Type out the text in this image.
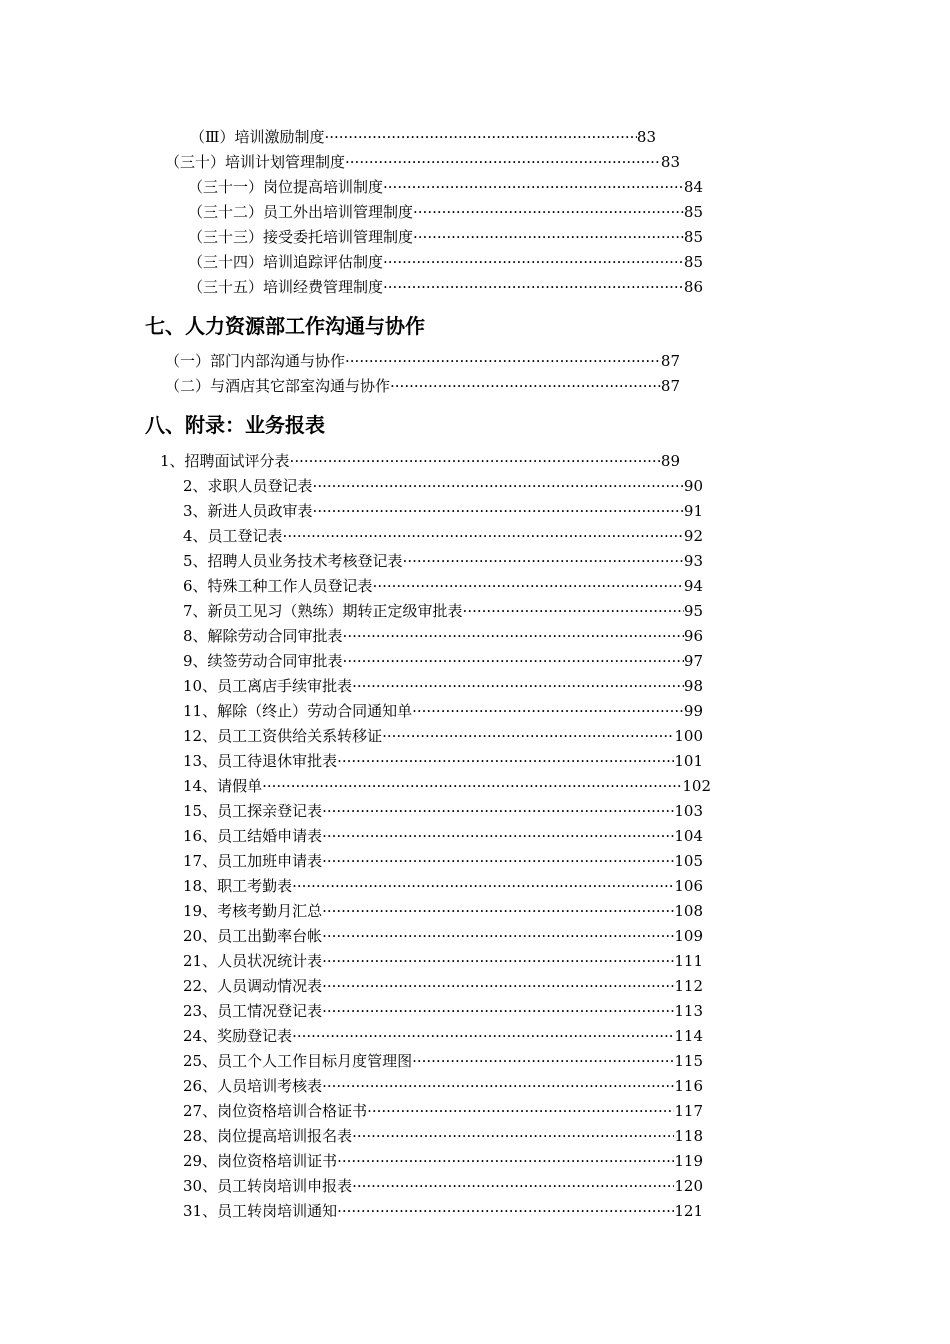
（Ⅲ）培训激励制度 ·····	83
（三十）培训计划管理制度 ·····	83
（三十一）岗位提高培训制度 ·····	84
（三十二）员工外出培训管理制度 ·····	85
（三十三）接受委托培训管理制度 ·····	85
（三十四）培训追踪评估制度 ·····	85
（三十五）培训经费管理制度 ·····	86
七、人力资源部工作沟通与协作
（一）部门内部沟通与协作 ·····	87
（二）与酒店其它部室沟通与协作 ·····	87
八、附录：业务报表
1、招聘面试评分表 ·····	89
2、求职人员登记表 ·····	90
3、新进人员政审表 ·····	91
4、员工登记表 ·····	92
5、招聘人员业务技术考核登记表 ·····	93
6、特殊工种工作人员登记表 ·····	94
7、新员工见习（熟练）期转正定级审批表 ·····	95
8、解除劳动合同审批表 ·····	96
9、续签劳动合同审批表 ·····	97
10、员工离店手续审批表 ·····	98
11、解除（终止）劳动合同通知单 ·····	99
12、员工工资供给关系转移证 ·····	100
13、员工待退休审批表 ·····	101
14、请假单 ·····	102
15、员工探亲登记表 ·····	103
16、员工结婚申请表 ·····	104
17、员工加班申请表 ·····	105
18、职工考勤表 ·····	106
19、考核考勤月汇总 ·····	108
20、员工出勤率台帐 ·····	109
21、人员状况统计表 ·····	111
22、人员调动情况表 ·····	112
23、员工情况登记表 ·····	113
24、奖励登记表 ·····	114
25、员工个人工作目标月度管理图 ·····	115
26、人员培训考核表 ·····	116
27、岗位资格培训合格证书 ·····	117
28、岗位提高培训报名表 ·····	118
29、岗位资格培训证书 ·····	119
30、员工转岗培训申报表 ·····	120
31、员工转岗培训通知 ·····	121
